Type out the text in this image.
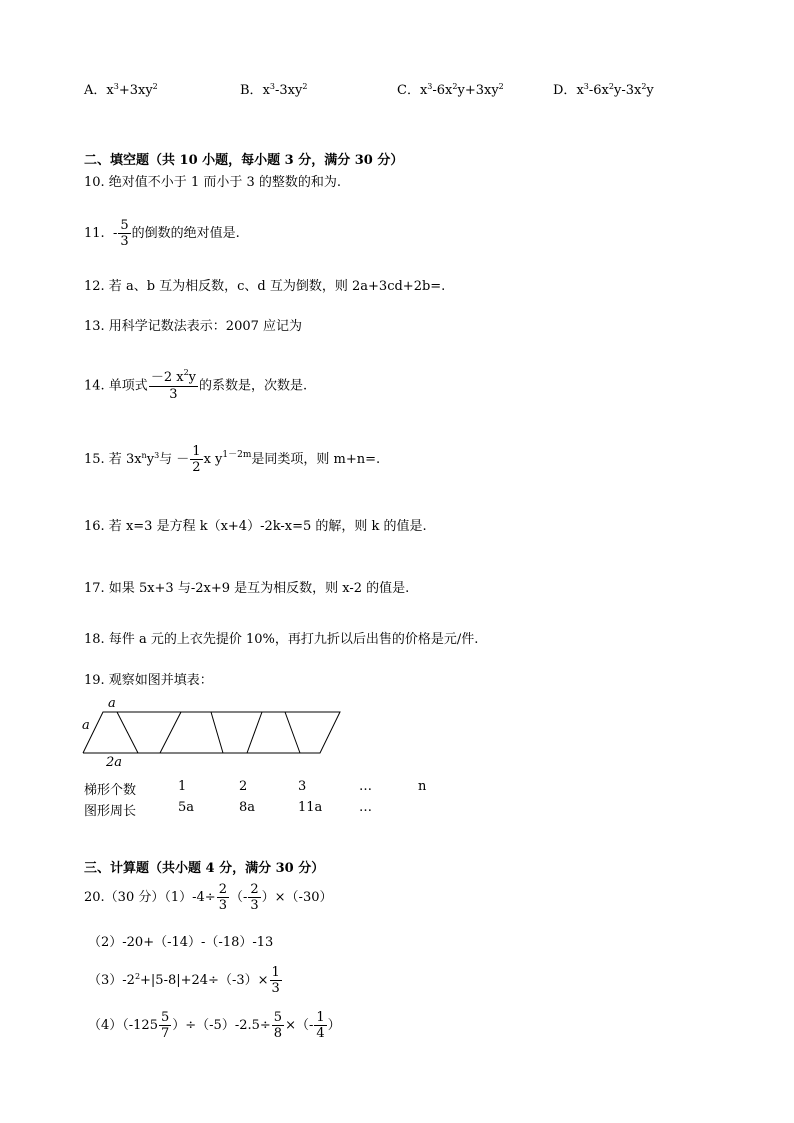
A．$x^3+3xy^2$	B．$x^3-3xy^2$	C．$x^3-6x^2y+3xy^2$	D．$x^3-6x^2y-3x^2y$
二、填空题（共 10 小题，每小题 3 分，满分 30 分）
10. 绝对值不小于 1 而小于 3 的整数的和为.
11. - $\frac{5}{3}$ 的倒数的绝对值是.
12. 若 a、b 互为相反数，c、d 互为倒数，则 2a+3cd+2b=.
13. 用科学记数法表示：2007 应记为
14. 单项式 $\frac{-2 x^2y}{3}$ 的系数是，次数是.
15. 若 $3x^ny^3$与 － $\frac{1}{2}$ x $y^{1-2m}$是同类项，则 m+n=.
16. 若 x=3 是方程 k（x+4）-2k-x=5 的解，则 k 的值是.
17. 如果 5x+3 与-2x+9 是互为相反数，则 x-2 的值是.
18. 每件 a 元的上衣先提价 10%，再打九折以后出售的价格是元/件.
19. 观察如图并填表：
a
a
2a
梯形个数	1	2	3	…	n
图形周长	5a	8a	11a	…
三、计算题（共小题 4 分，满分 30 分）
20.（30 分）$(1)-4\div \frac{2}{3}$ （- $\frac{2}{3} )\times(-30)$
（2）-20+（-14）-（-18）-13
$(3)-2^2+|5-8|+24\div(-3)\times \frac{1}{3}$
$(4)(-125 \frac{5}{7} )\div(-5)-2.5\div \frac{5}{8}$ ×（- $\frac{1}{4}$ ）
